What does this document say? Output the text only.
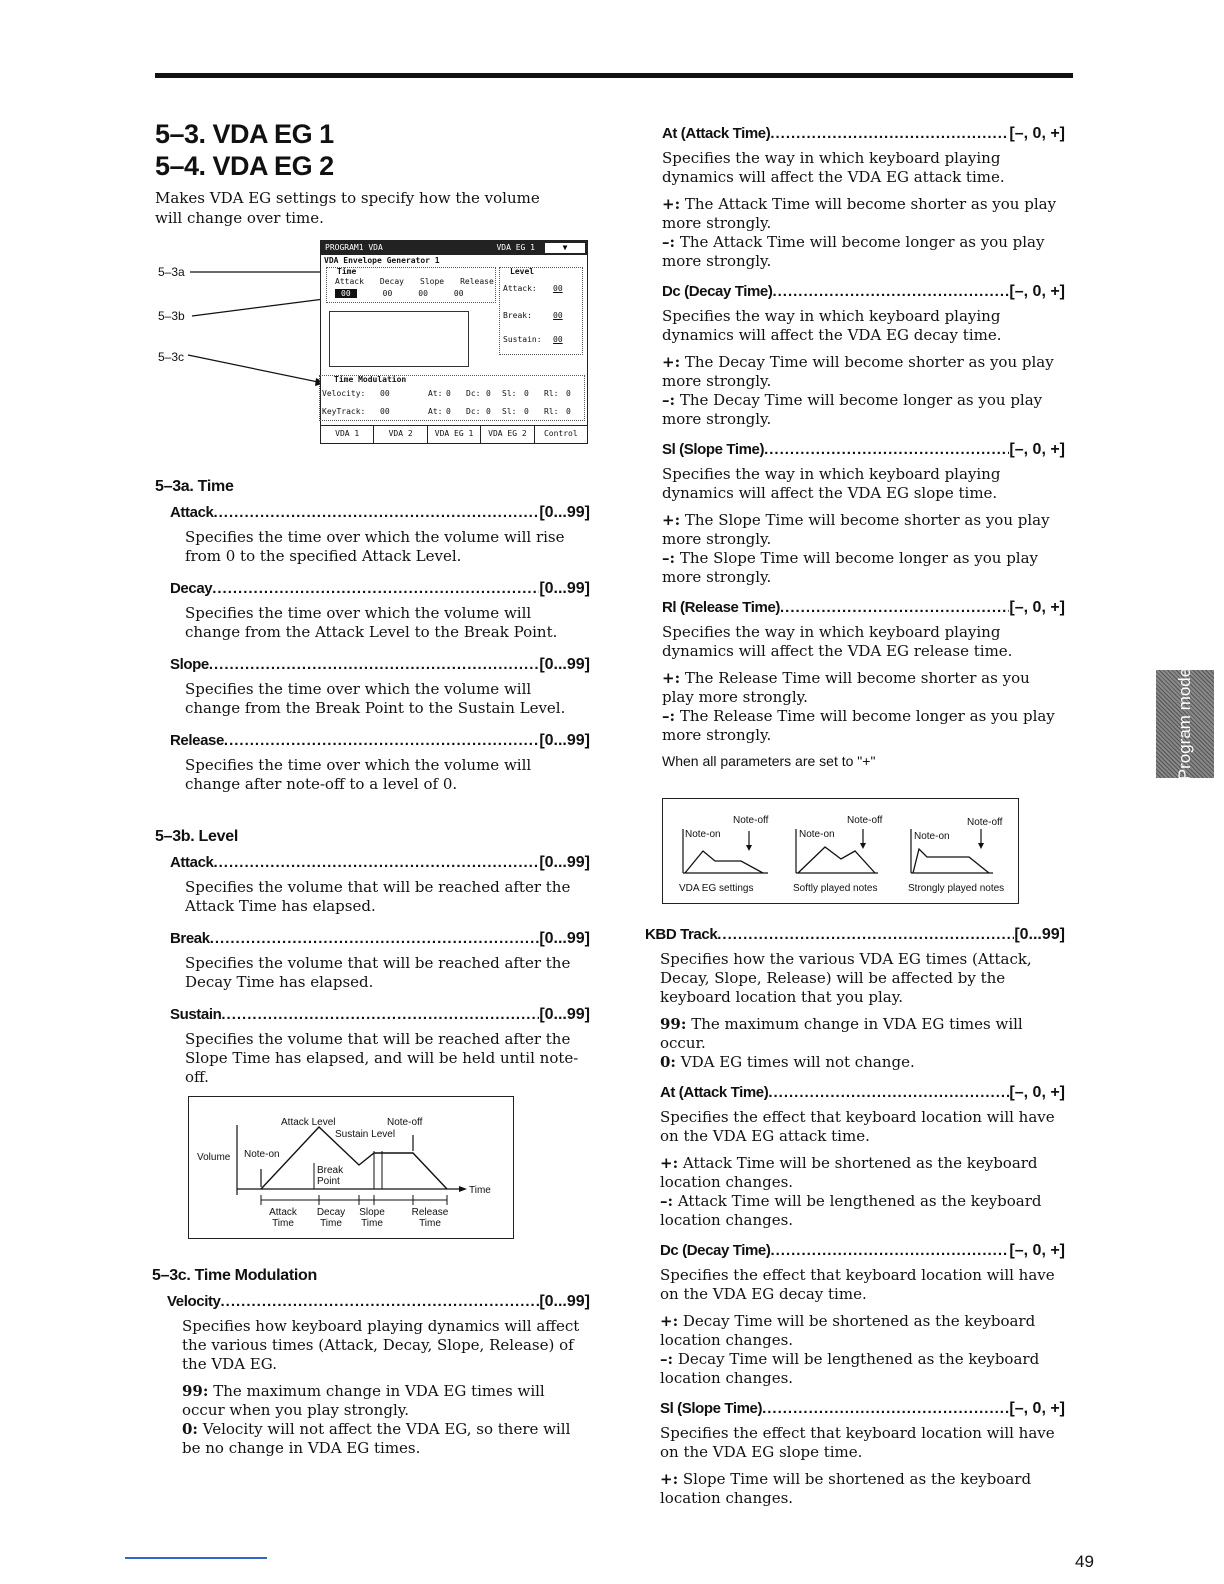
5–3. VDA EG 1
5–4. VDA EG 2

Makes VDA EG settings to specify how the volume will change over time.

5–3a
5–3b
5–3c
PROGRAM1 VDA	VDA EG 1	▼
VDA Envelope Generator 1
Time
Attack Decay Slope Release
00	00	00	00
Level
Attack: 00
Break:	00
Sustain: 00
Time Modulation
Velocity: 00	At: 0 Dc: 0 Sl: 0 Rl: 0
KeyTrack: 00	At: 0 Dc: 0 Sl: 0 Rl: 0
VDA 1	VDA 2	VDA EG 1	VDA EG 2	Control
5–3a. Time
Attack .....	[0...99]

Specifies the time over which the volume will rise from 0 to the specified Attack Level.

Decay .....	[0...99]

Specifies the time over which the volume will change from the Attack Level to the Break Point.

Slope .....	[0...99]

Specifies the time over which the volume will change from the Break Point to the Sustain Level.

Release .....	[0...99]

Specifies the time over which the volume will change after note-off to a level of 0.

5–3b. Level
Attack .....	[0...99]

Specifies the volume that will be reached after the Attack Time has elapsed.

Break .....	[0...99]

Specifies the volume that will be reached after the Decay Time has elapsed.

Sustain .....	[0...99]

Specifies the volume that will be reached after the Slope Time has elapsed, and will be held until note-off.

Attack Level	Note-off
Sustain Level
Volume Note-on
Break Point
Time
Attack Time
Decay Time
Slope Time
Release Time
5–3c. Time Modulation
Velocity .....	[0...99]

Specifies how keyboard playing dynamics will affect the various times (Attack, Decay, Slope, Release) of the VDA EG.

99: The maximum change in VDA EG times will occur when you play strongly.

0: Velocity will not affect the VDA EG, so there will be no change in VDA EG times.

At (Attack Time) .....	[–, 0, +]

Specifies the way in which keyboard playing dynamics will affect the VDA EG attack time.

+: The Attack Time will become shorter as you play more strongly.

–: The Attack Time will become longer as you play more strongly.

Dc (Decay Time) .....	[–, 0, +]

Specifies the way in which keyboard playing dynamics will affect the VDA EG decay time.

+: The Decay Time will become shorter as you play more strongly.

–: The Decay Time will become longer as you play more strongly.

Sl (Slope Time) .....	[–, 0, +]

Specifies the way in which keyboard playing dynamics will affect the VDA EG slope time.

+: The Slope Time will become shorter as you play more strongly.

–: The Slope Time will become longer as you play more strongly.

Rl (Release Time) .....	[–, 0, +]

Specifies the way in which keyboard playing dynamics will affect the VDA EG release time.

+: The Release Time will become shorter as you play more strongly.

–: The Release Time will become longer as you play more strongly.

When all parameters are set to "+"

Note-off
Note-on
VDA EG settings
Note-off
Note-on
Softly played notes
Note-off
Note-on
Strongly played notes
KBD Track .....	[0...99]

Specifies how the various VDA EG times (Attack, Decay, Slope, Release) will be affected by the keyboard location that you play.

99: The maximum change in VDA EG times will occur.

0: VDA EG times will not change.

At (Attack Time) .....	[–, 0, +]

Specifies the effect that keyboard location will have on the VDA EG attack time.

+: Attack Time will be shortened as the keyboard location changes.

–: Attack Time will be lengthened as the keyboard location changes.

Dc (Decay Time) .....	[–, 0, +]

Specifies the effect that keyboard location will have on the VDA EG decay time.

+: Decay Time will be shortened as the keyboard location changes.

–: Decay Time will be lengthened as the keyboard location changes.

Sl (Slope Time) .....	[–, 0, +]

Specifies the effect that keyboard location will have on the VDA EG slope time.

+: Slope Time will be shortened as the keyboard location changes.

Program mode
49
